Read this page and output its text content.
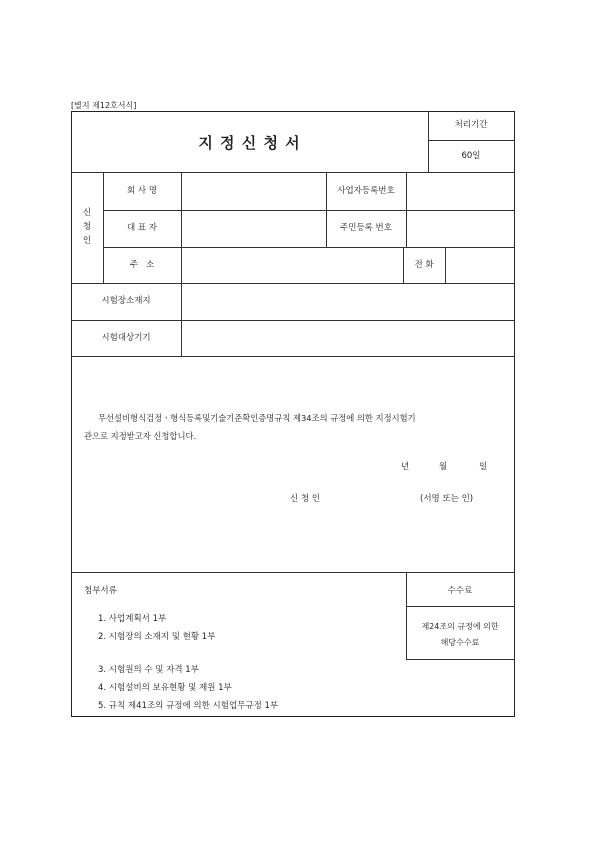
[별지 제12호서식]
지 정 신 청 서
처리기간
60일
신
청
인
회 사 명	사업자등록번호
대 표 자	주민등록 번호
주   소	전 화
시험장소재지
시험대상기기
무선설비형식검정ㆍ형식등록및기술기준확인증명규칙 제34조의 규정에 의한 지정시험기
관으로 지정받고자 신청합니다.
년	월	일
신 청 인	(서명 또는 인)
첨부서류
1. 사업계획서 1부
2. 시험장의 소재지 및 현황 1부
3. 시험원의 수 및 자격 1부
4. 시험설비의 보유현황 및 제원 1부
5. 규칙 제41조의 규정에 의한 시험업무규정 1부
수수료
제24조의 규정에 의한
해당수수료
